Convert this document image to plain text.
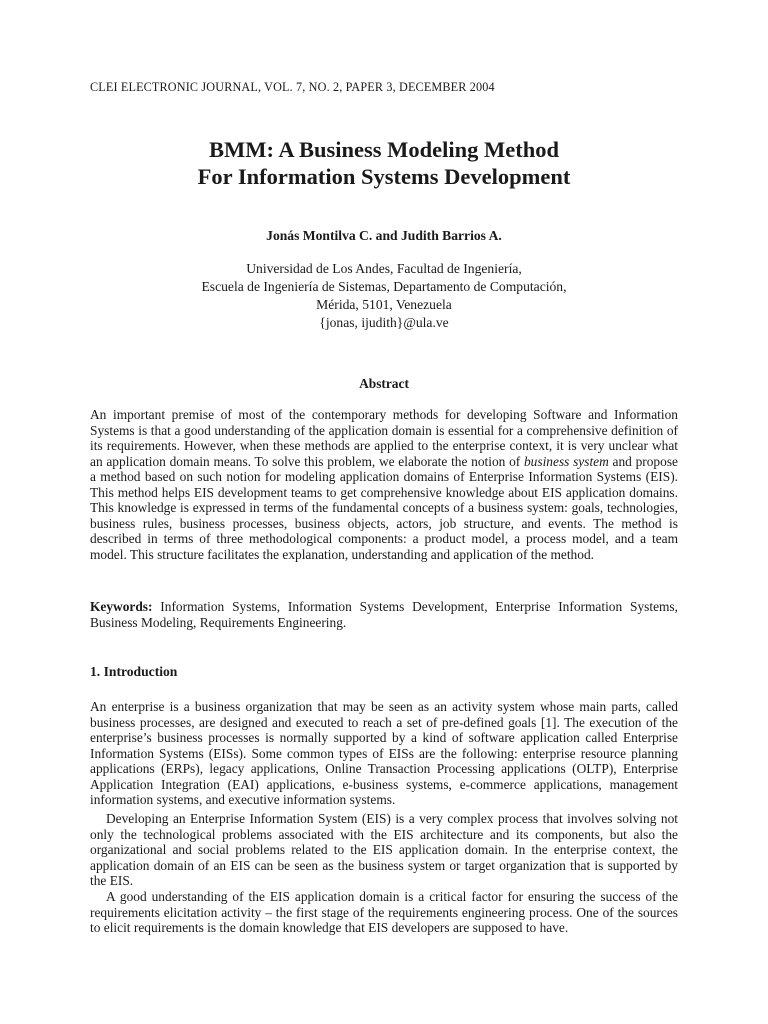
CLEI ELECTRONIC JOURNAL, VOL. 7, NO. 2, PAPER 3, DECEMBER 2004
BMM: A Business Modeling Method
For Information Systems Development
Jonás Montilva C. and Judith Barrios A.
Universidad de Los Andes, Facultad de Ingeniería,
Escuela de Ingeniería de Sistemas, Departamento de Computación,
Mérida, 5101, Venezuela
{jonas, ijudith}@ula.ve
Abstract
An important premise of most of the contemporary methods for developing Software and Information Systems is that a good understanding of the application domain is essential for a comprehensive definition of its requirements. However, when these methods are applied to the enterprise context, it is very unclear what an application domain means. To solve this problem, we elaborate the notion of business system and propose a method based on such notion for modeling application domains of Enterprise Information Systems (EIS). This method helps EIS development teams to get comprehensive knowledge about EIS application domains. This knowledge is expressed in terms of the fundamental concepts of a business system: goals, technologies, business rules, business processes, business objects, actors, job structure, and events. The method is described in terms of three methodological components: a product model, a process model, and a team model. This structure facilitates the explanation, understanding and application of the method.
Keywords: Information Systems, Information Systems Development, Enterprise Information Systems, Business Modeling, Requirements Engineering.
1. Introduction
An enterprise is a business organization that may be seen as an activity system whose main parts, called business processes, are designed and executed to reach a set of pre-defined goals [1]. The execution of the enterprise’s business processes is normally supported by a kind of software application called Enterprise Information Systems (EISs). Some common types of EISs are the following: enterprise resource planning applications (ERPs), legacy applications, Online Transaction Processing applications (OLTP), Enterprise Application Integration (EAI) applications, e-business systems, e-commerce applications, management information systems, and executive information systems.
Developing an Enterprise Information System (EIS) is a very complex process that involves solving not only the technological problems associated with the EIS architecture and its components, but also the organizational and social problems related to the EIS application domain. In the enterprise context, the application domain of an EIS can be seen as the business system or target organization that is supported by the EIS.
A good understanding of the EIS application domain is a critical factor for ensuring the success of the requirements elicitation activity – the first stage of the requirements engineering process. One of the sources to elicit requirements is the domain knowledge that EIS developers are supposed to have.
